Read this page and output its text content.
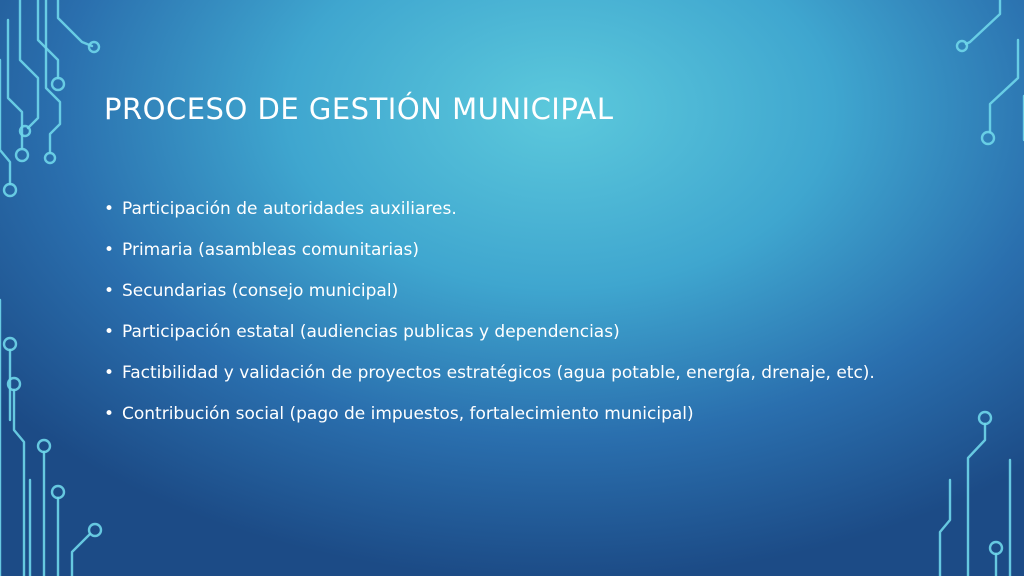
PROCESO DE GESTIÓN MUNICIPAL
• Participación de autoridades auxiliares.
• Primaria (asambleas comunitarias)
• Secundarias (consejo municipal)
• Participación estatal (audiencias publicas y dependencias)
• Factibilidad y validación de proyectos estratégicos (agua potable, energía, drenaje, etc).
• Contribución social (pago de impuestos, fortalecimiento municipal)
